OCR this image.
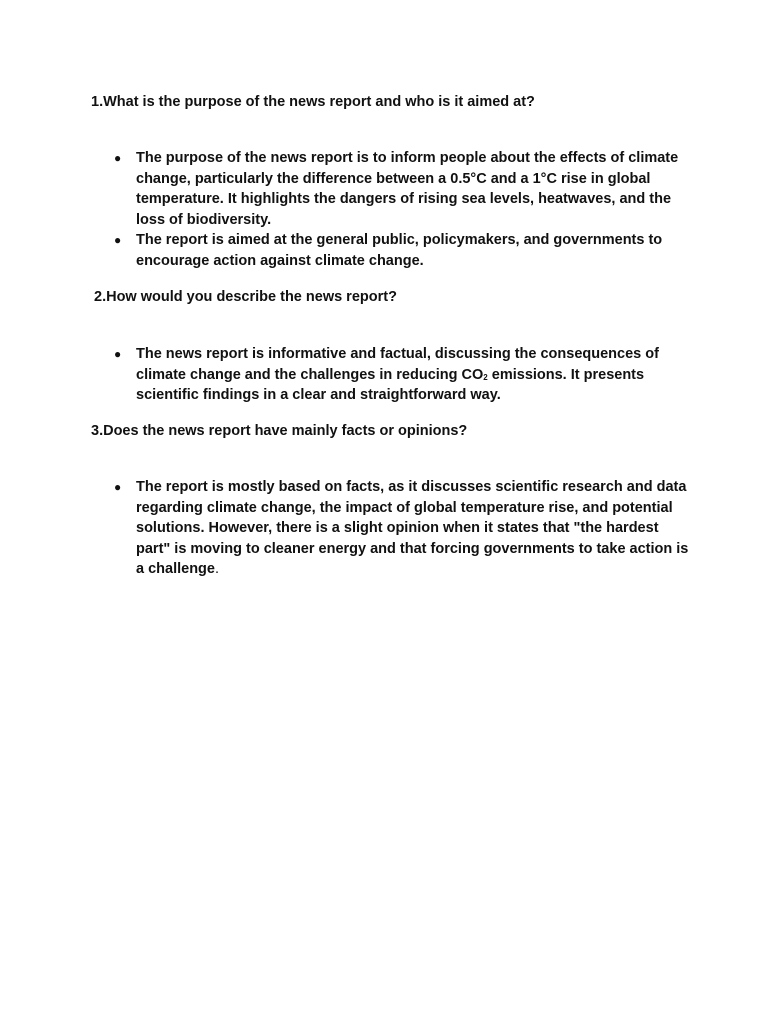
1.What is the purpose of the news report and who is it aimed at?

● The purpose of the news report is to inform people about the effects of climate change, particularly the difference between a 0.5°C and a 1°C rise in global temperature. It highlights the dangers of rising sea levels, heatwaves, and the loss of biodiversity.
● The report is aimed at the general public, policymakers, and governments to encourage action against climate change.

2.How would you describe the news report?

● The news report is informative and factual, discussing the consequences of climate change and the challenges in reducing $CO_2$ emissions. It presents scientific findings in a clear and straightforward way.

3.Does the news report have mainly facts or opinions?

● The report is mostly based on facts, as it discusses scientific research and data regarding climate change, the impact of global temperature rise, and potential solutions. However, there is a slight opinion when it states that "the hardest part" is moving to cleaner energy and that forcing governments to take action is a challenge.
